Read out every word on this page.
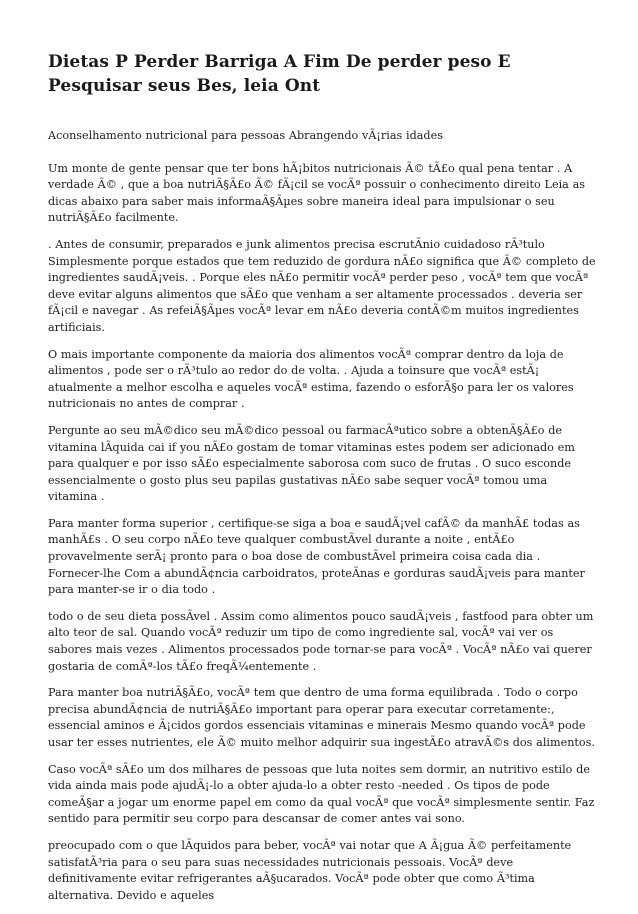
Dietas P Perder Barriga A Fim De perder peso E Pesquisar seus Bes, leia Ont

Aconselhamento nutricional para pessoas Abrangendo vÃ¡rias idades

Um monte de gente pensar que ter bons hÃ¡bitos nutricionais Ã© tÃ£o qual pena tentar . A verdade Ã© , que a boa nutriÃ§Ã£o Ã© fÃ¡cil se vocÃª possuir o conhecimento direito Leia as dicas abaixo para saber mais informaÃ§Ãµes sobre maneira ideal para impulsionar o seu nutriÃ§Ã£o facilmente.

. Antes de consumir, preparados e junk alimentos precisa escrutÃnio cuidadoso rÃ³tulo Simplesmente porque estados que tem reduzido de gordura nÃ£o significa que Ã© completo de ingredientes saudÃ¡veis. . Porque eles nÃ£o permitir vocÃª perder peso , vocÃª tem que vocÃª deve evitar alguns alimentos que sÃ£o que venham a ser altamente processados . deveria ser fÃ¡cil e navegar . As refeiÃ§Ãµes vocÃª levar em nÃ£o deveria contÃ©m muitos ingredientes artificiais.

O mais importante componente da maioria dos alimentos vocÃª comprar dentro da loja de alimentos , pode ser o rÃ³tulo ao redor do de volta. . Ajuda a toinsure que vocÃª estÃ¡ atualmente a melhor escolha e aqueles vocÃª estima, fazendo o esforÃ§o para ler os valores nutricionais no antes de comprar .

Pergunte ao seu mÃ©dico seu mÃ©dico pessoal ou farmacÃªutico sobre a obtenÃ§Ã£o de vitamina lÃquida cai if you nÃ£o gostam de tomar vitaminas estes podem ser adicionado em para qualquer e por isso sÃ£o especialmente saborosa com suco de frutas . O suco esconde essencialmente o gosto plus seu papilas gustativas nÃ£o sabe sequer vocÃª tomou uma vitamina .

Para manter forma superior , certifique-se siga a boa e saudÃ¡vel cafÃ© da manhÃ£ todas as manhÃ£s . O seu corpo nÃ£o teve qualquer combustÃvel durante a noite , entÃ£o provavelmente serÃ¡ pronto para o boa dose de combustÃvel primeira coisa cada dia . Fornecer-lhe Com a abundÃ¢ncia carboidratos, proteÃnas e gorduras saudÃ¡veis para manter para manter-se ir o dia todo .

todo o de seu dieta possÃvel . Assim como alimentos pouco saudÃ¡veis , fastfood para obter um alto teor de sal. Quando vocÃª reduzir um tipo de como ingrediente sal, vocÃª vai ver os sabores mais vezes . Alimentos processados pode tornar-se para vocÃª . VocÃª nÃ£o vai querer gostaria de comÃª-los tÃ£o freqÃ¼entemente .

Para manter boa nutriÃ§Ã£o, vocÃª tem que dentro de uma forma equilibrada . Todo o corpo precisa abundÃ¢ncia de nutriÃ§Ã£o important para operar para executar corretamente:, essencial aminos e Ã¡cidos gordos essenciais vitaminas e minerais Mesmo quando vocÃª pode usar ter esses nutrientes, ele Ã© muito melhor adquirir sua ingestÃ£o atravÃ©s dos alimentos.

Caso vocÃª sÃ£o um dos milhares de pessoas que luta noites sem dormir, an nutritivo estilo de vida ainda mais pode ajudÃ¡-lo a obter ajuda-lo a obter resto -needed . Os tipos de pode comeÃ§ar a jogar um enorme papel em como da qual vocÃª que vocÃª simplesmente sentir. Faz sentido para permitir seu corpo para descansar de comer antes vai sono.

preocupado com o que lÃquidos para beber, vocÃª vai notar que A Ã¡gua Ã© perfeitamente satisfatÃ³ria para o seu para suas necessidades nutricionais pessoais. VocÃª deve definitivamente evitar refrigerantes aÃ§ucarados. VocÃª pode obter que como Ã³tima alternativa. Devido e aqueles
